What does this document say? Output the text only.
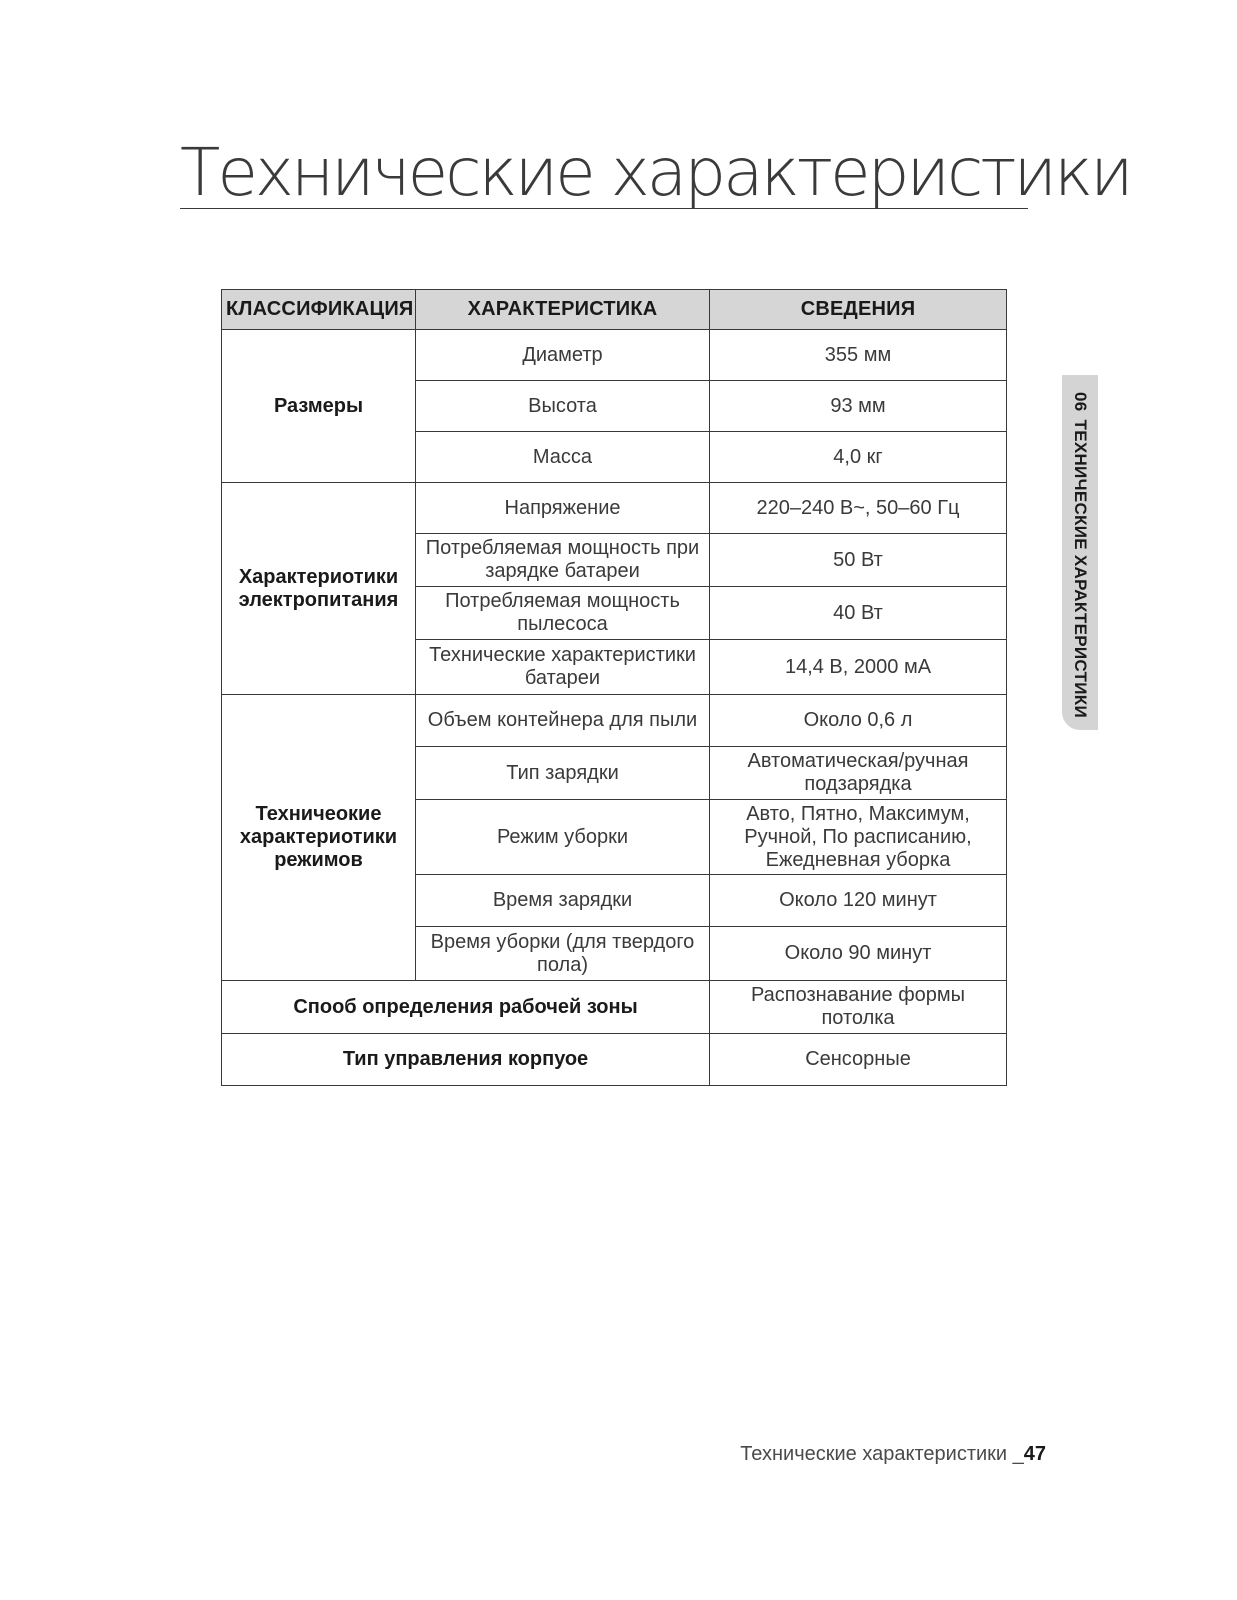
Технические характеристики
06ТЕХНИЧЕСКИЕ ХАРАКТЕРИСТИКИ
КЛАССИФИКАЦИЯ	ХАРАКТЕРИСТИКА	СВЕДЕНИЯ
Размеры	Диаметр	355 мм
	Высота	93 мм
	Масса	4,0 кг
Характериотики электропитания	Напряжение	220–240 В~, 50–60 Гц
	Потребляемая мощность при зарядке батареи	50 Вт
	Потребляемая мощность пылесоса	40 Вт
	Технические характеристики батареи	14,4 В, 2000 мА
Техничеокие характериотики режимов	Объем контейнера для пыли	Около 0,6 л
	Тип зарядки	Автоматическая/ручная подзарядка
	Режим уборки	Авто, Пятно, Максимум, Ручной, По расписанию, Ежедневная уборка
	Время зарядки	Около 120 минут
	Время уборки (для твердого пола)	Около 90 минут
Спооб определения рабочей зоны		Распознавание формы потолка
Тип управления корпуое		Сенсорные
Технические характеристики _47
